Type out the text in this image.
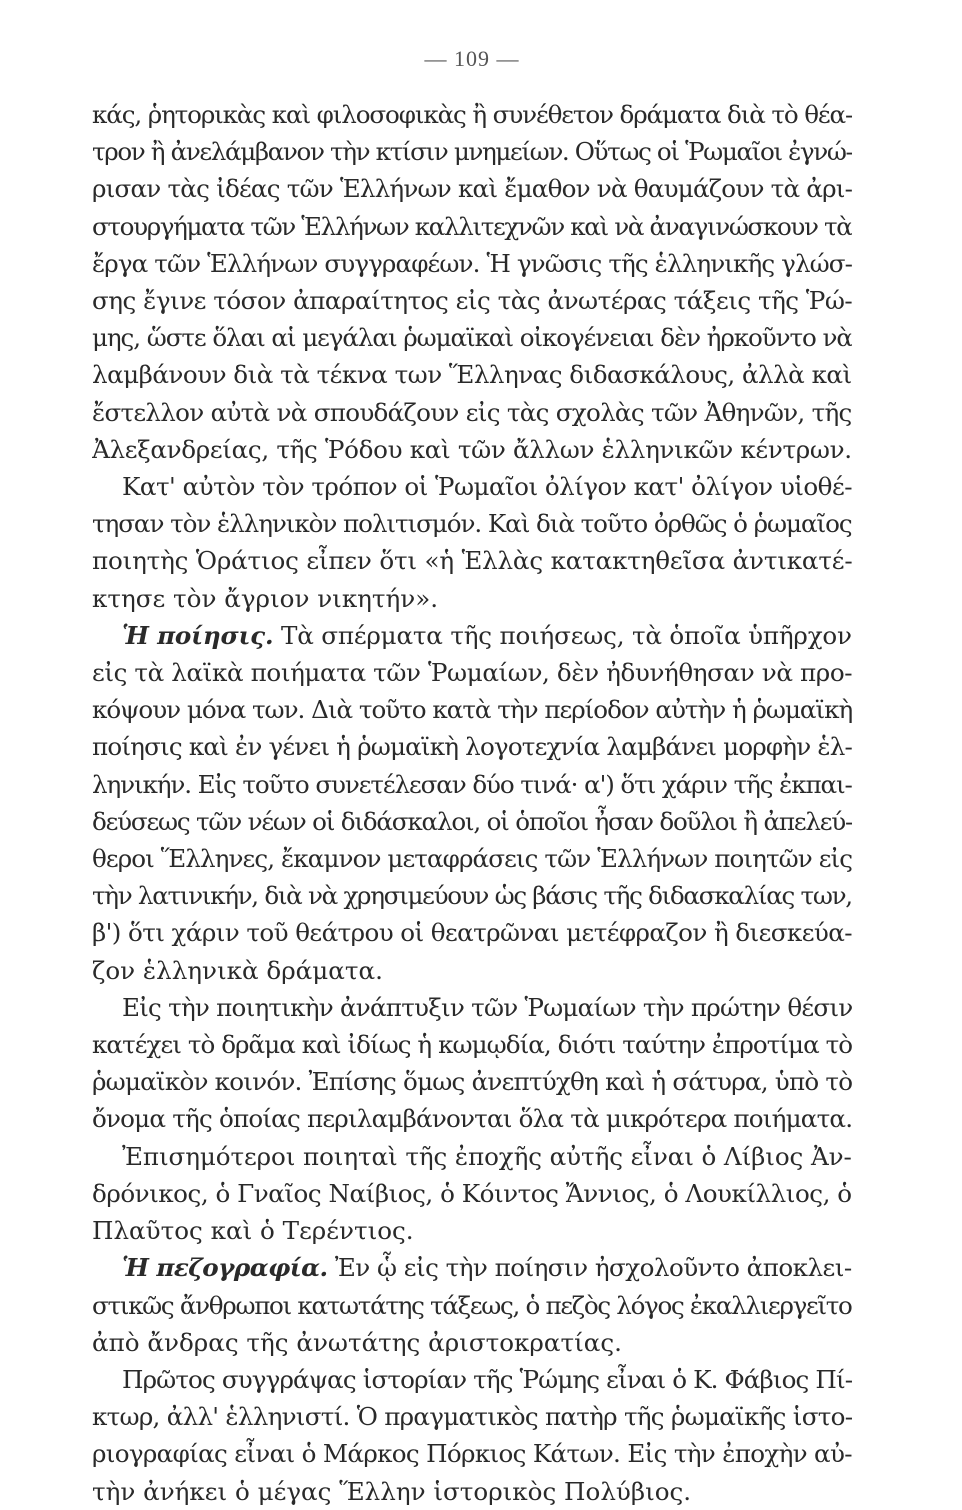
— 109 —
κάς, ῥητορικὰς καὶ φιλοσοφικὰς ἢ συνέθετον δράματα διὰ τὸ θέα-
τρον ἢ ἀνελάμβανον τὴν κτίσιν μνημείων. Οὕτως οἱ Ῥωμαῖοι ἐγνώ-
ρισαν τὰς ἰδέας τῶν Ἑλλήνων καὶ ἔμαθον νὰ θαυμάζουν τὰ ἀρι-
στουργήματα τῶν Ἑλλήνων καλλιτεχνῶν καὶ νὰ ἀναγινώσκουν τὰ
ἔργα τῶν Ἑλλήνων συγγραφέων. Ἡ γνῶσις τῆς ἑλληνικῆς γλώσ-
σης ἔγινε τόσον ἀπαραίτητος εἰς τὰς ἀνωτέρας τάξεις τῆς Ῥώ-
μης, ὥστε ὅλαι αἱ μεγάλαι ῥωμαϊκαὶ οἰκογένειαι δὲν ἠρκοῦντο νὰ
λαμβάνουν διὰ τὰ τέκνα των Ἕλληνας διδασκάλους, ἀλλὰ καὶ
ἔστελλον αὐτὰ νὰ σπουδάζουν εἰς τὰς σχολὰς τῶν Ἀθηνῶν, τῆς
Ἀλεξανδρείας, τῆς Ῥόδου καὶ τῶν ἄλλων ἑλληνικῶν κέντρων.
Κατ' αὐτὸν τὸν τρόπον οἱ Ῥωμαῖοι ὀλίγον κατ' ὀλίγον υἱοθέ-
τησαν τὸν ἑλληνικὸν πολιτισμόν. Καὶ διὰ τοῦτο ὀρθῶς ὁ ῥωμαῖος
ποιητὴς Ὁράτιος εἶπεν ὅτι «ἡ Ἑλλὰς κατακτηθεῖσα ἀντικατέ-
κτησε τὸν ἄγριον νικητήν».
Ἡ ποίησις. Τὰ σπέρματα τῆς ποιήσεως, τὰ ὁποῖα ὑπῆρχον
εἰς τὰ λαϊκὰ ποιήματα τῶν Ῥωμαίων, δὲν ἠδυνήθησαν νὰ προ-
κόψουν μόνα των. Διὰ τοῦτο κατὰ τὴν περίοδον αὐτὴν ἡ ῥωμαϊκὴ
ποίησις καὶ ἐν γένει ἡ ῥωμαϊκὴ λογοτεχνία λαμβάνει μορφὴν ἑλ-
ληνικήν. Εἰς τοῦτο συνετέλεσαν δύο τινά· α') ὅτι χάριν τῆς ἐκπαι-
δεύσεως τῶν νέων οἱ διδάσκαλοι, οἱ ὁποῖοι ἦσαν δοῦλοι ἢ ἀπελεύ-
θεροι Ἕλληνες, ἔκαμνον μεταφράσεις τῶν Ἑλλήνων ποιητῶν εἰς
τὴν λατινικήν, διὰ νὰ χρησιμεύουν ὡς βάσις τῆς διδασκαλίας των,
β') ὅτι χάριν τοῦ θεάτρου οἱ θεατρῶναι μετέφραζον ἢ διεσκεύα-
ζον ἑλληνικὰ δράματα.
Εἰς τὴν ποιητικὴν ἀνάπτυξιν τῶν Ῥωμαίων τὴν πρώτην θέσιν
κατέχει τὸ δρᾶμα καὶ ἰδίως ἡ κωμῳδία, διότι ταύτην ἐπροτίμα τὸ
ῥωμαϊκὸν κοινόν. Ἐπίσης ὅμως ἀνεπτύχθη καὶ ἡ σάτυρα, ὑπὸ τὸ
ὄνομα τῆς ὁποίας περιλαμβάνονται ὅλα τὰ μικρότερα ποιήματα.
Ἐπισημότεροι ποιηταὶ τῆς ἐποχῆς αὐτῆς εἶναι ὁ Λίβιος Ἀν-
δρόνικος, ὁ Γναῖος Ναίβιος, ὁ Κόιντος Ἄννιος, ὁ Λουκίλλιος, ὁ
Πλαῦτος καὶ ὁ Τερέντιος.
Ἡ πεζογραφία. Ἐν ᾧ εἰς τὴν ποίησιν ἠσχολοῦντο ἀποκλει-
στικῶς ἄνθρωποι κατωτάτης τάξεως, ὁ πεζὸς λόγος ἐκαλλιεργεῖτο
ἀπὸ ἄνδρας τῆς ἀνωτάτης ἀριστοκρατίας.
Πρῶτος συγγράψας ἱστορίαν τῆς Ῥώμης εἶναι ὁ Κ. Φάβιος Πί-
κτωρ, ἀλλ' ἑλληνιστί. Ὁ πραγματικὸς πατὴρ τῆς ῥωμαϊκῆς ἱστο-
ριογραφίας εἶναι ὁ Μάρκος Πόρκιος Κάτων. Εἰς τὴν ἐποχὴν αὐ-
τὴν ἀνήκει ὁ μέγας Ἕλλην ἱστορικὸς Πολύβιος.
